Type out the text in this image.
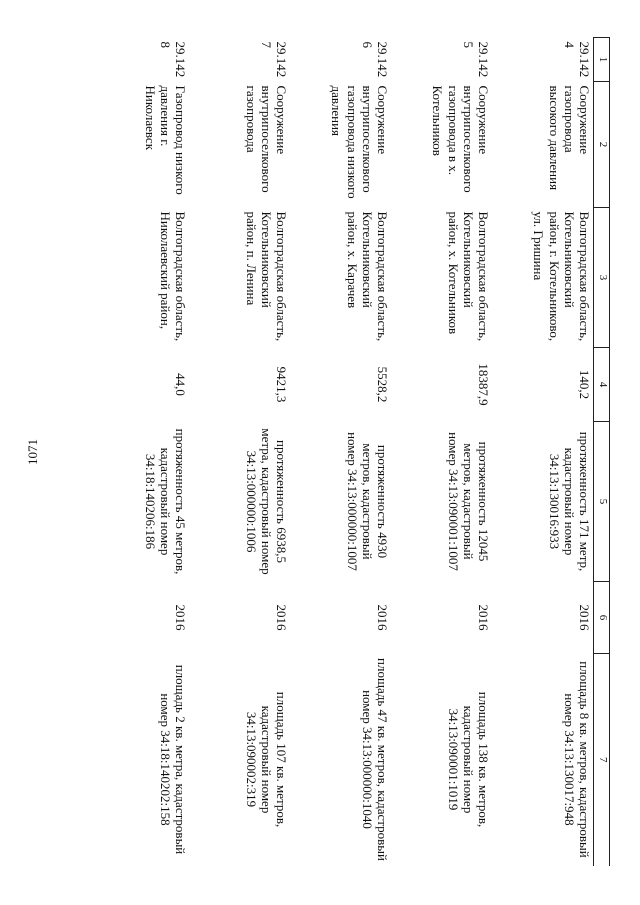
1071
1	2	3	4	5	6	7
29.1424	Сооружение газопровода высокого давления	Волгоградская область, Котельниковский район, г. Котельниково, ул. Гришина	140,2	протяженность 171 метр, кадастровый номер 34:13:130016:933	2016	площадь 8 кв. метров, кадастровый номер 34:13:130017:948
29.1425	Сооружение внутрипоселкового газопровода в х. Котельников	Волгоградская область, Котельниковский район, х. Котельников	18387,9	протяженность 12045 метров, кадастровый номер 34:13:090001:1007	2016	площадь 138 кв. метров, кадастровый номер 34:13:090001:1019
29.1426	Сооружение внутрипоселкового газопровода низкого давления	Волгоградская область, Котельниковский район, х. Карачев	5528,2	протяженность 4930 метров, кадастровый номер 34:13:000000:1007	2016	площадь 47 кв. метров, кадастровый номер 34:13:000000:1040
29.1427	Сооружение внутрипоселкового газопровода	Волгоградская область, Котельниковский район, п. Ленина	9421,3	протяженность 6938,5 метра, кадастровый номер 34:13:000000:1006	2016	площадь 107 кв. метров, кадастровый номер 34:13:090002:319
29.1428	Газопровод низкого давления г. Николаевск	Волгоградская область, Николаевский район,	44,0	протяженность 45 метров, кадастровый номер 34:18:140206:186	2016	площадь 2 кв. метра, кадастровый номер 34:18:140202:158
